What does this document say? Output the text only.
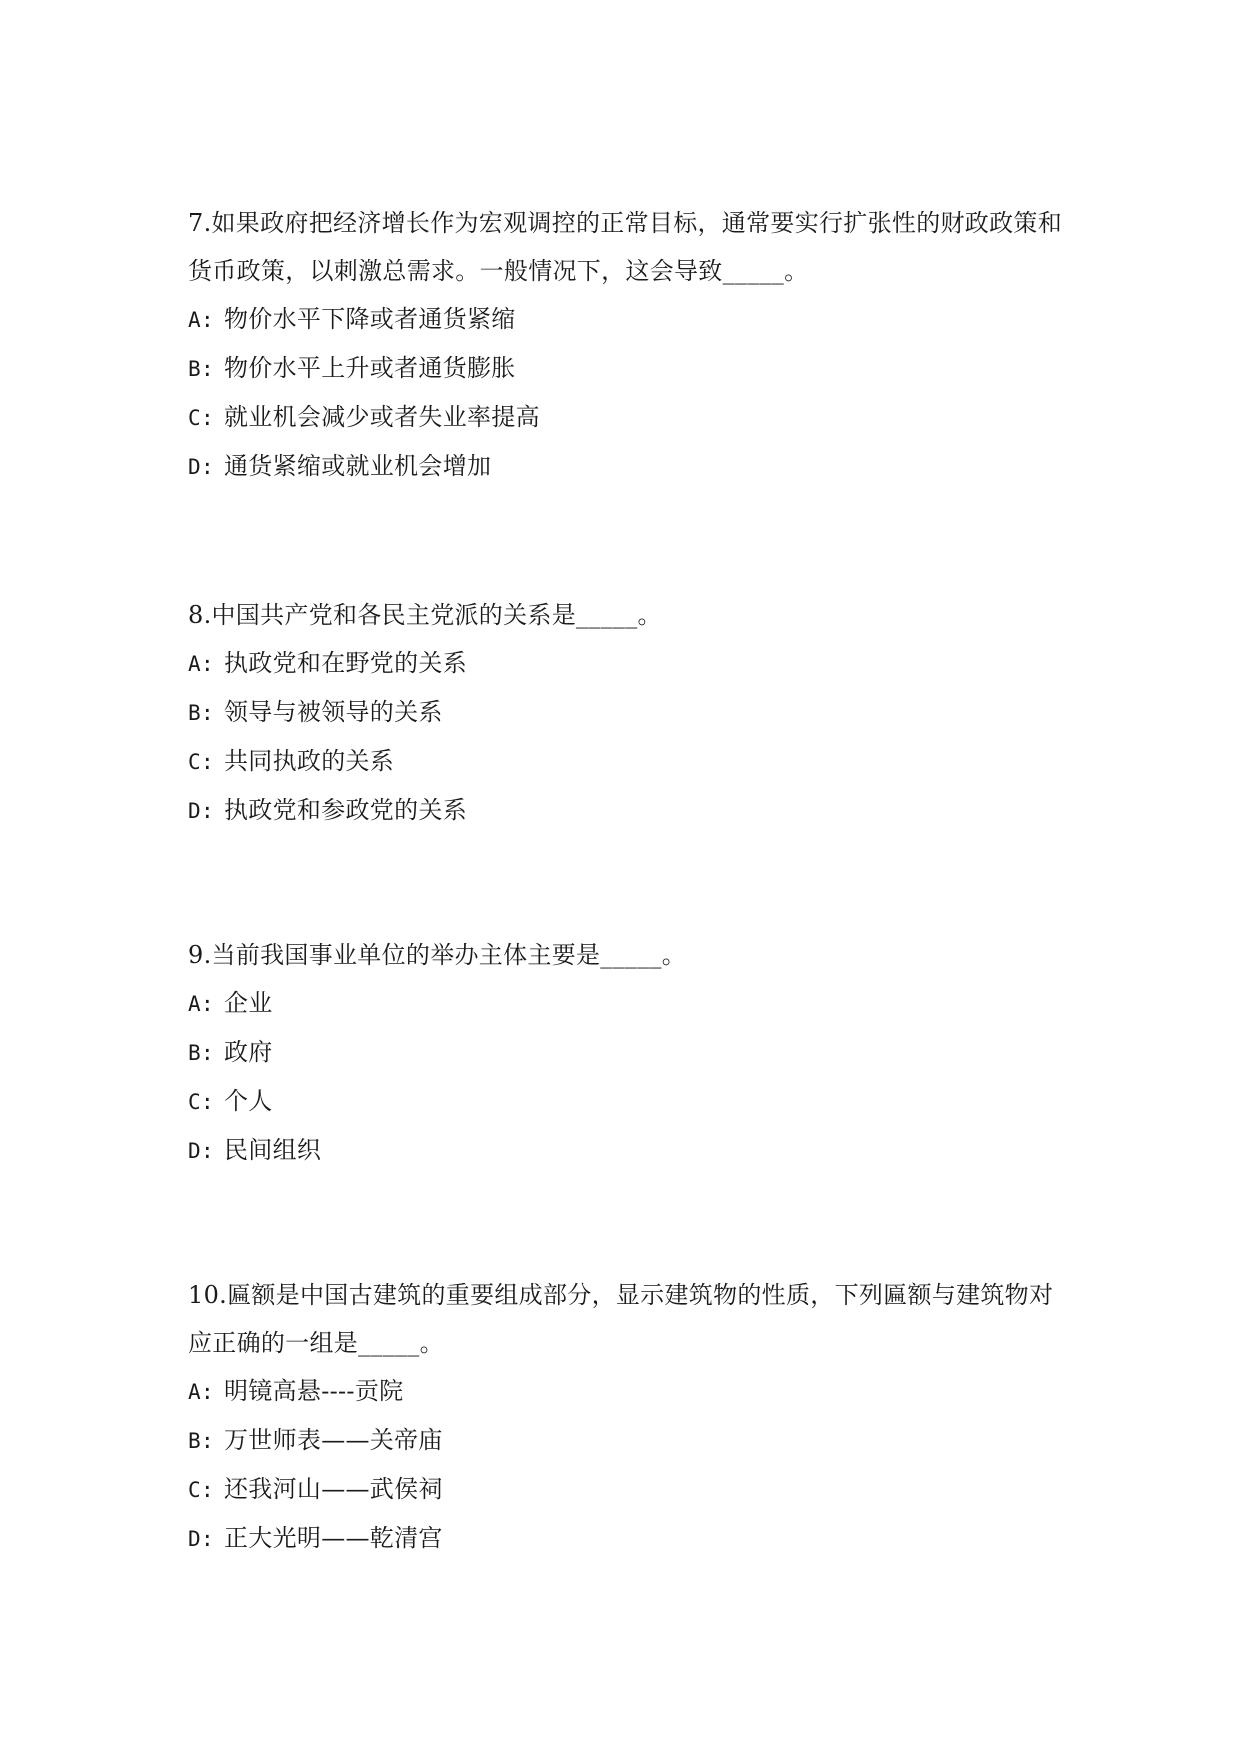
7.如果政府把经济增长作为宏观调控的正常目标，通常要实行扩张性的财政政策和货币政策，以刺激总需求。一般情况下，这会导致_____。

A: 物价水平下降或者通货紧缩

B: 物价水平上升或者通货膨胀

C: 就业机会减少或者失业率提高

D: 通货紧缩或就业机会增加

8.中国共产党和各民主党派的关系是_____。

A: 执政党和在野党的关系

B: 领导与被领导的关系

C: 共同执政的关系

D: 执政党和参政党的关系

9.当前我国事业单位的举办主体主要是_____。

A: 企业

B: 政府

C: 个人

D: 民间组织

10.匾额是中国古建筑的重要组成部分，显示建筑物的性质，下列匾额与建筑物对应正确的一组是_____。

A: 明镜高悬----贡院

B: 万世师表——关帝庙

C: 还我河山——武侯祠

D: 正大光明——乾清宫
